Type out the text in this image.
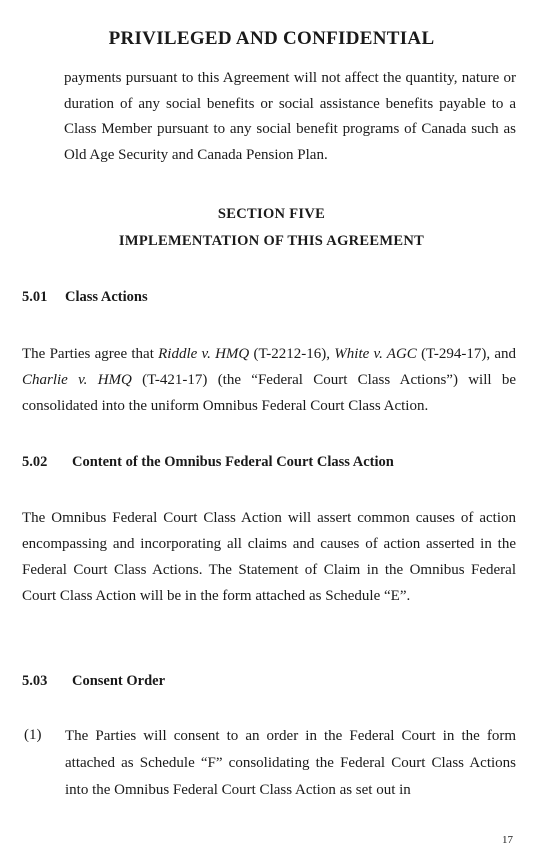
PRIVILEGED AND CONFIDENTIAL
payments pursuant to this Agreement will not affect the quantity, nature or duration of any social benefits or social assistance benefits payable to a Class Member pursuant to any social benefit programs of Canada such as Old Age Security and Canada Pension Plan.
SECTION FIVE
IMPLEMENTATION OF THIS AGREEMENT
5.01 Class Actions
The Parties agree that Riddle v. HMQ (T-2212-16), White v. AGC (T-294-17), and Charlie v. HMQ (T-421-17) (the “Federal Court Class Actions”) will be consolidated into the uniform Omnibus Federal Court Class Action.
5.02 Content of the Omnibus Federal Court Class Action
The Omnibus Federal Court Class Action will assert common causes of action encompassing and incorporating all claims and causes of action asserted in the Federal Court Class Actions. The Statement of Claim in the Omnibus Federal Court Class Action will be in the form attached as Schedule “E”.
5.03 Consent Order
(1) The Parties will consent to an order in the Federal Court in the form attached as Schedule “F” consolidating the Federal Court Class Actions into the Omnibus Federal Court Class Action as set out in
17
